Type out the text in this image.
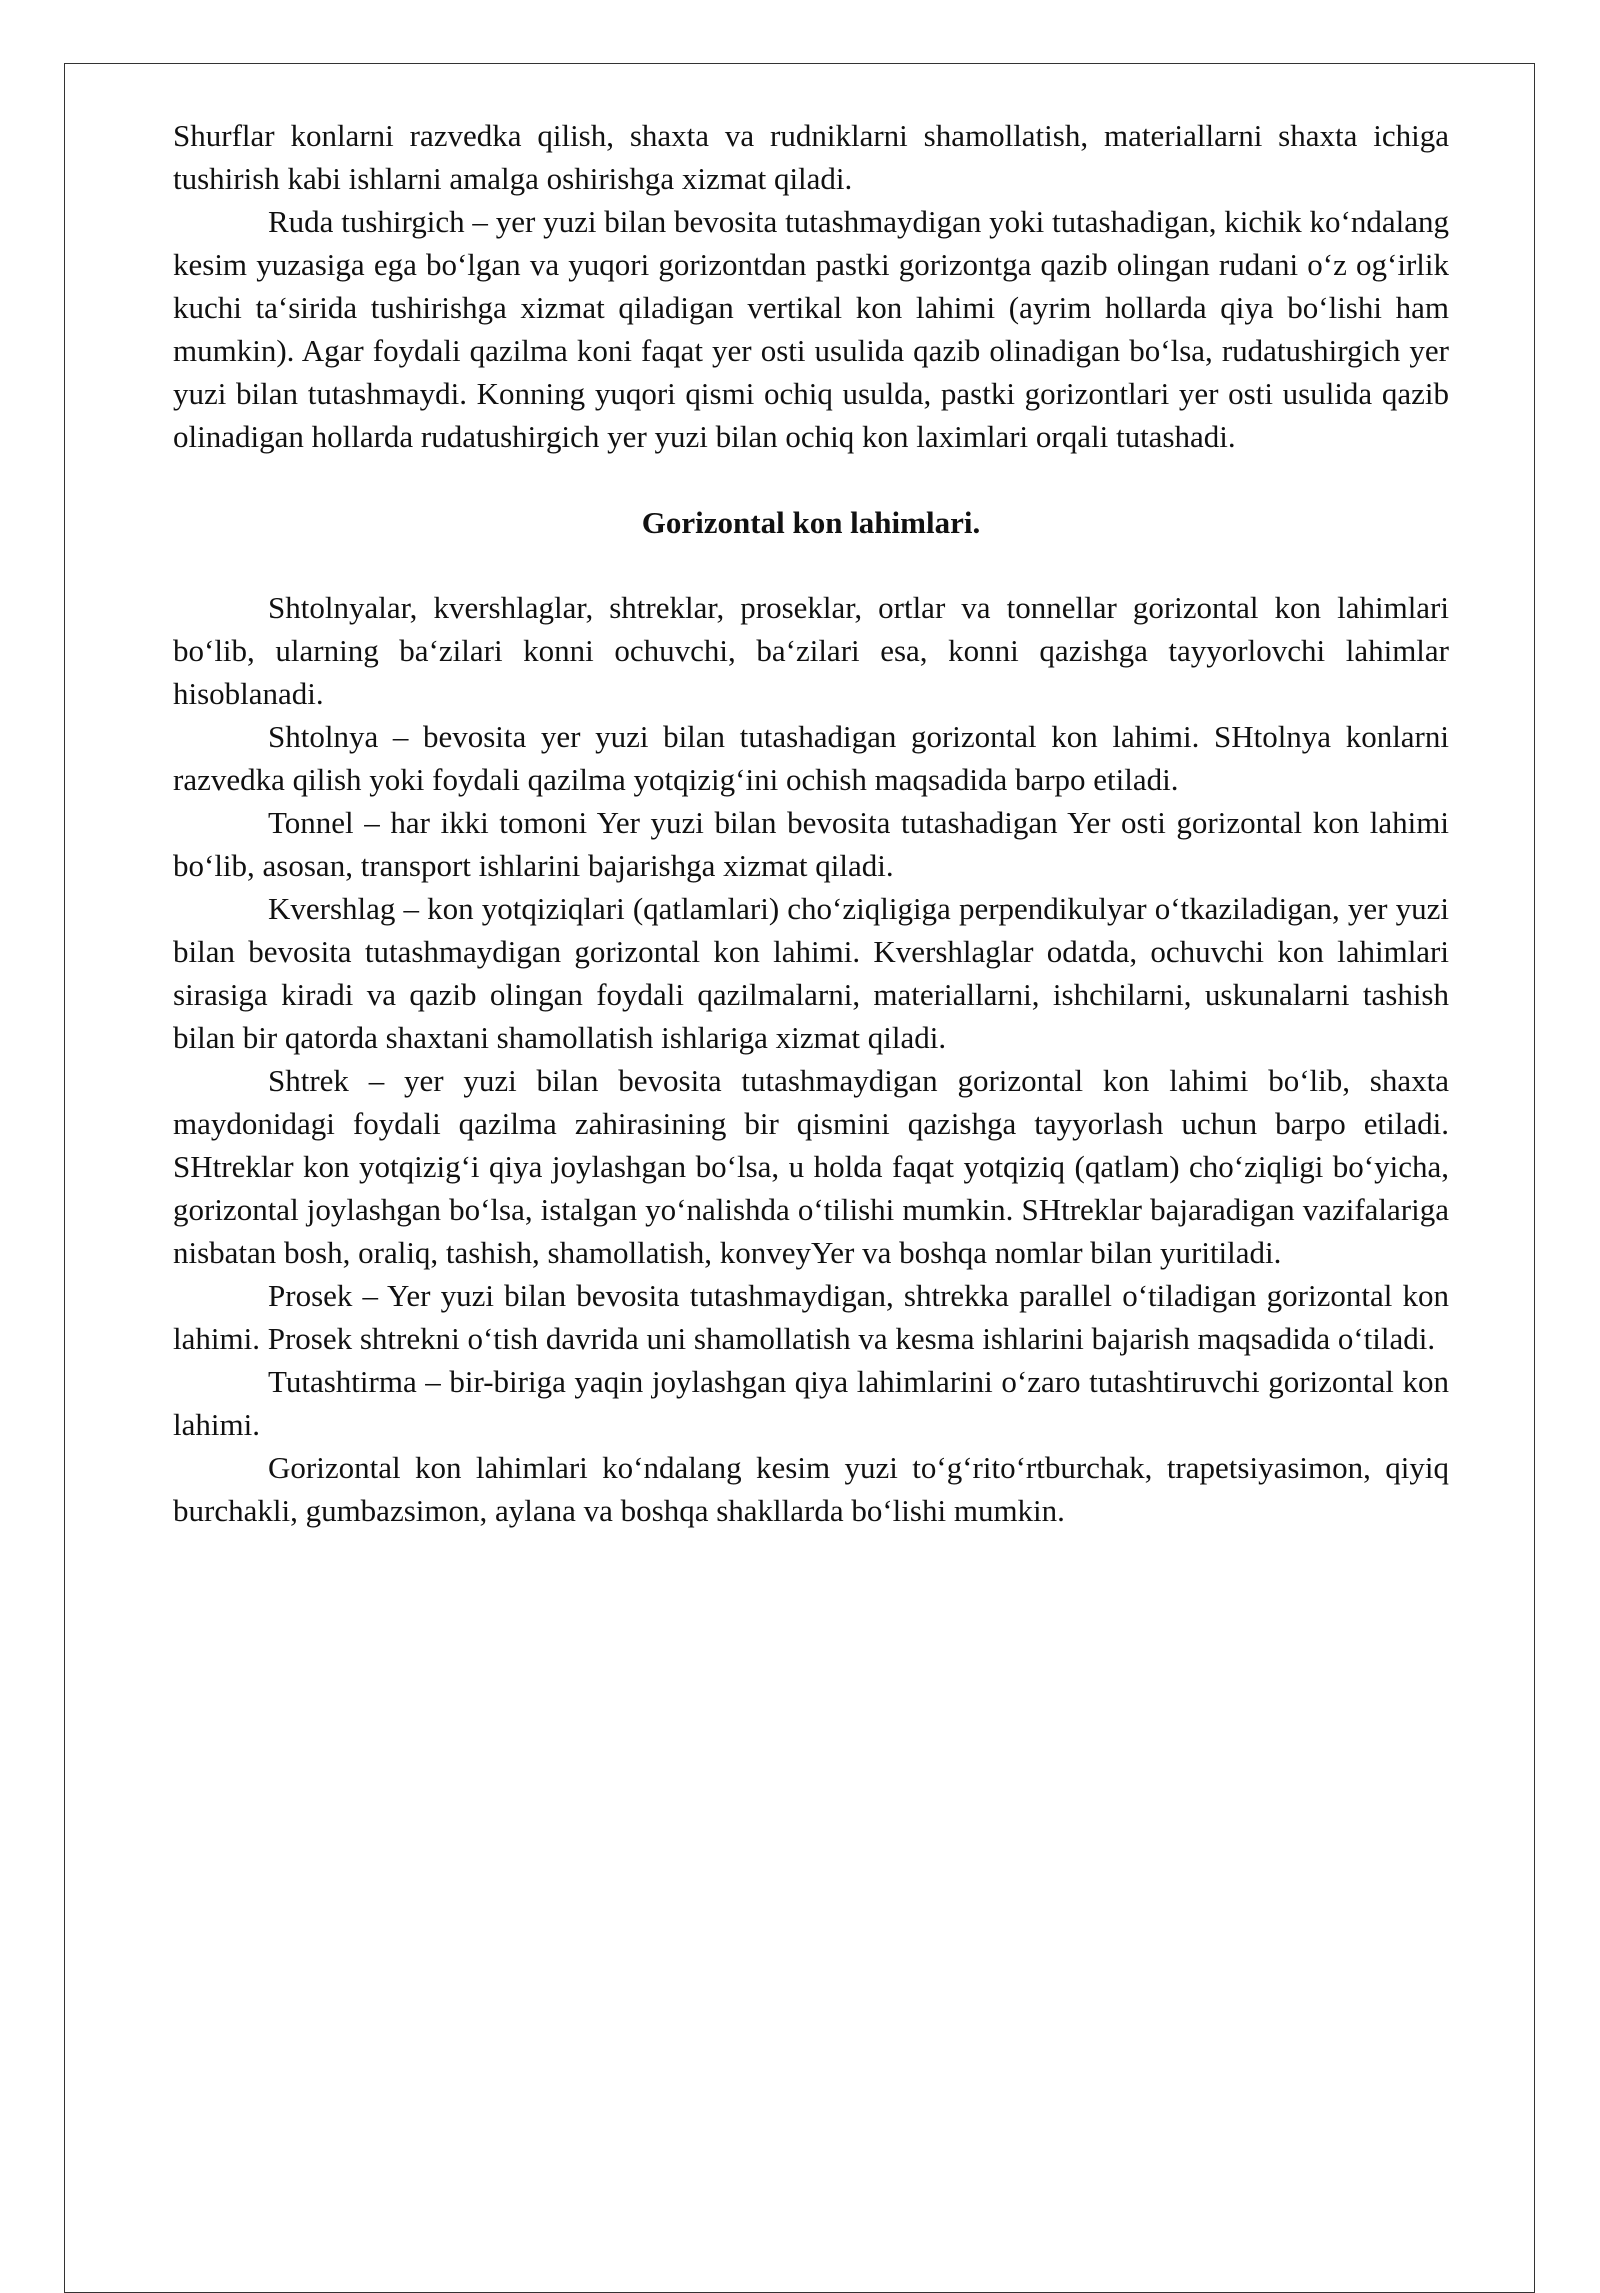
Shurflar konlarni razvedka qilish, shaxta va rudniklarni shamollatish, materiallarni shaxta ichiga tushirish kabi ishlarni amalga oshirishga xizmat qiladi.

Ruda tushirgich – yer yuzi bilan bevosita tutashmaydigan yoki tutashadigan, kichik ko‘ndalang kesim yuzasiga ega bo‘lgan va yuqori gorizontdan pastki gorizontga qazib olingan rudani o‘z og‘irlik kuchi ta‘sirida tushirishga xizmat qiladigan vertikal kon lahimi (ayrim hollarda qiya bo‘lishi ham mumkin). Agar foydali qazilma koni faqat yer osti usulida qazib olinadigan bo‘lsa, rudatushirgich yer yuzi bilan tutashmaydi. Konning yuqori qismi ochiq usulda, pastki gorizontlari yer osti usulida qazib olinadigan hollarda rudatushirgich yer yuzi bilan ochiq kon laximlari orqali tutashadi.

Gorizontal kon lahimlari.

Shtolnyalar, kvershlaglar, shtreklar, proseklar, ortlar va tonnellar gorizontal kon lahimlari bo‘lib, ularning ba‘zilari konni ochuvchi, ba‘zilari esa, konni qazishga tayyorlovchi lahimlar hisoblanadi.

Shtolnya – bevosita yer yuzi bilan tutashadigan gorizontal kon lahimi. SHtolnya konlarni razvedka qilish yoki foydali qazilma yotqizig‘ini ochish maqsadida barpo etiladi.

Tonnel – har ikki tomoni Yer yuzi bilan bevosita tutashadigan Yer osti gorizontal kon lahimi bo‘lib, asosan, transport ishlarini bajarishga xizmat qiladi.

Kvershlag – kon yotqiziqlari (qatlamlari) cho‘ziqligiga perpendikulyar o‘tkaziladigan, yer yuzi bilan bevosita tutashmaydigan gorizontal kon lahimi. Kvershlaglar odatda, ochuvchi kon lahimlari sirasiga kiradi va qazib olingan foydali qazilmalarni, materiallarni, ishchilarni, uskunalarni tashish bilan bir qatorda shaxtani shamollatish ishlariga xizmat qiladi.

Shtrek – yer yuzi bilan bevosita tutashmaydigan gorizontal kon lahimi bo‘lib, shaxta maydonidagi foydali qazilma zahirasining bir qismini qazishga tayyorlash uchun barpo etiladi. SHtreklar kon yotqizig‘i qiya joylashgan bo‘lsa, u holda faqat yotqiziq (qatlam) cho‘ziqligi bo‘yicha, gorizontal joylashgan bo‘lsa, istalgan yo‘nalishda o‘tilishi mumkin. SHtreklar bajaradigan vazifalariga nisbatan bosh, oraliq, tashish, shamollatish, konveyYer va boshqa nomlar bilan yuritiladi.

Prosek – Yer yuzi bilan bevosita tutashmaydigan, shtrekka parallel o‘tiladigan gorizontal kon lahimi. Prosek shtrekni o‘tish davrida uni shamollatish va kesma ishlarini bajarish maqsadida o‘tiladi.

Tutashtirma – bir-biriga yaqin joylashgan qiya lahimlarini o‘zaro tutashtiruvchi gorizontal kon lahimi.

Gorizontal kon lahimlari ko‘ndalang kesim yuzi to‘g‘rito‘rtburchak, trapetsiyasimon, qiyiq burchakli, gumbazsimon, aylana va boshqa shakllarda bo‘lishi mumkin.
